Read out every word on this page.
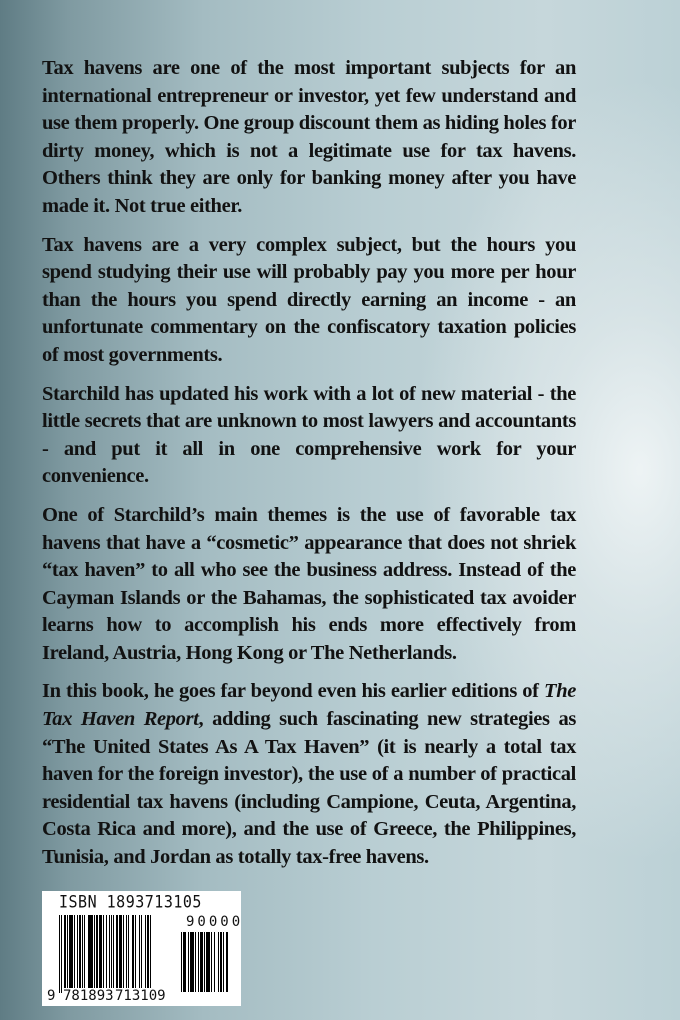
Tax havens are one of the most important subjects for an international entrepreneur or investor, yet few understand and use them properly. One group discount them as hiding holes for dirty money, which is not a legitimate use for tax havens. Others think they are only for banking money after you have made it. Not true either.

Tax havens are a very complex subject, but the hours you spend studying their use will probably pay you more per hour than the hours you spend directly earning an income - an unfortunate commentary on the confiscatory taxation policies of most governments.

Starchild has updated his work with a lot of new material - the little secrets that are unknown to most lawyers and accountants - and put it all in one comprehensive work for your convenience.

One of Starchild’s main themes is the use of favorable tax havens that have a “cosmetic” appearance that does not shriek “tax haven” to all who see the business address. Instead of the Cayman Islands or the Bahamas, the sophisticated tax avoider learns how to accomplish his ends more effectively from Ireland, Austria, Hong Kong or The Netherlands.

In this book, he goes far beyond even his earlier editions of The Tax Haven Report, adding such fascinating new strategies as “The United States As A Tax Haven” (it is nearly a total tax haven for the foreign investor), the use of a number of practical residential tax havens (including Campione, Ceuta, Argentina, Costa Rica and more), and the use of Greece, the Philippines, Tunisia, and Jordan as totally tax-free havens.

ISBN 1893713105
90000
9 781893 713109
